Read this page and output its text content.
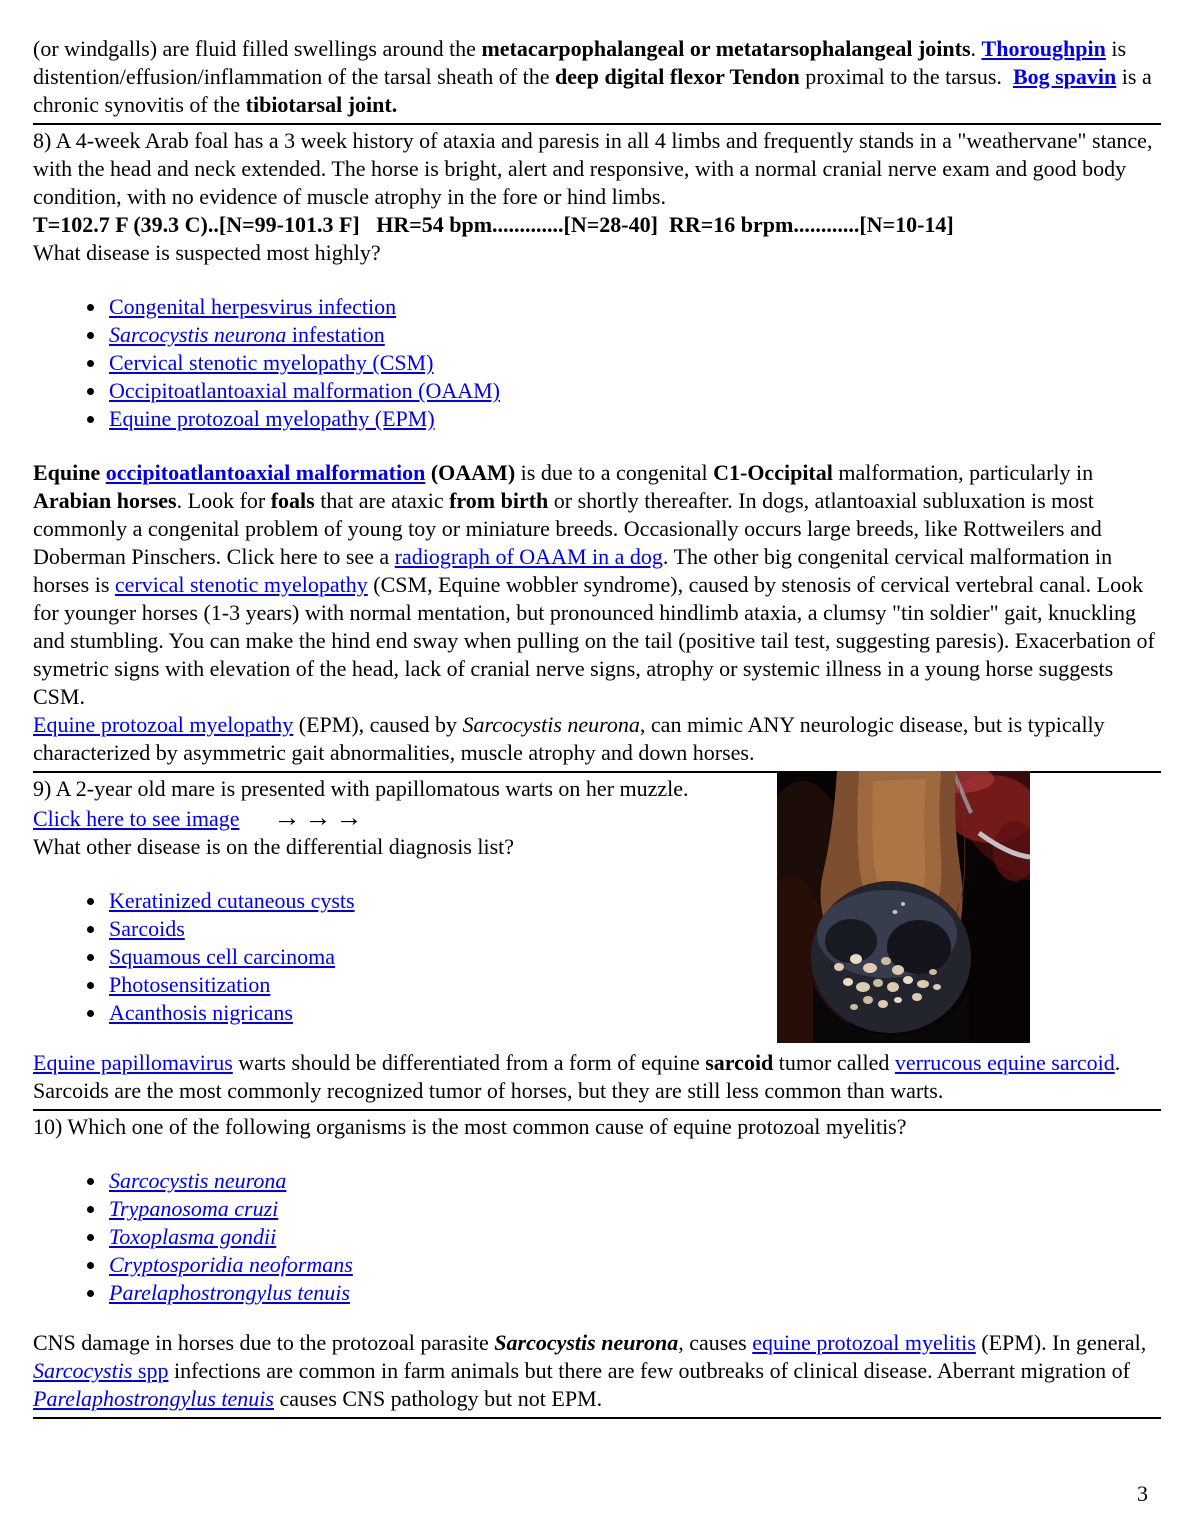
(or windgalls) are fluid filled swellings around the metacarpophalangeal or metatarsophalangeal joints. Thoroughpin is distention/effusion/inflammation of the tarsal sheath of the deep digital flexor Tendon proximal to the tarsus.  Bog spavin is a chronic synovitis of the tibiotarsal joint.

8) A 4-week Arab foal has a 3 week history of ataxia and paresis in all 4 limbs and frequently stands in a "weathervane" stance, with the head and neck extended. The horse is bright, alert and responsive, with a normal cranial nerve exam and good body condition, with no evidence of muscle atrophy in the fore or hind limbs.

T=102.7 F (39.3 C)..[N=99-101.3 F]   HR=54 bpm.............[N=28-40]  RR=16 brpm............[N=10-14]

What disease is suspected most highly?

• Congenital herpesvirus infection
• Sarcocystis neurona infestation
• Cervical stenotic myelopathy (CSM)
• Occipitoatlantoaxial malformation (OAAM)
• Equine protozoal myelopathy (EPM)

Equine occipitoatlantoaxial malformation (OAAM) is due to a congenital C1-Occipital malformation, particularly in Arabian horses. Look for foals that are ataxic from birth or shortly thereafter. In dogs, atlantoaxial subluxation is most commonly a congenital problem of young toy or miniature breeds. Occasionally occurs large breeds, like Rottweilers and Doberman Pinschers. Click here to see a radiograph of OAAM in a dog. The other big congenital cervical malformation in horses is cervical stenotic myelopathy (CSM, Equine wobbler syndrome), caused by stenosis of cervical vertebral canal. Look for younger horses (1-3 years) with normal mentation, but pronounced hindlimb ataxia, a clumsy "tin soldier" gait, knuckling and stumbling. You can make the hind end sway when pulling on the tail (positive tail test, suggesting paresis). Exacerbation of symetric signs with elevation of the head, lack of cranial nerve signs, atrophy or systemic illness in a young horse suggests CSM.

Equine protozoal myelopathy (EPM), caused by Sarcocystis neurona, can mimic ANY neurologic disease, but is typically characterized by asymmetric gait abnormalities, muscle atrophy and down horses.

9) A 2-year old mare is presented with papillomatous warts on her muzzle.

Click here to see image →→→

What other disease is on the differential diagnosis list?

• Keratinized cutaneous cysts
• Sarcoids
• Squamous cell carcinoma
• Photosensitization
• Acanthosis nigricans

Equine papillomavirus warts should be differentiated from a form of equine sarcoid tumor called verrucous equine sarcoid. Sarcoids are the most commonly recognized tumor of horses, but they are still less common than warts.

10) Which one of the following organisms is the most common cause of equine protozoal myelitis?

• Sarcocystis neurona
• Trypanosoma cruzi
• Toxoplasma gondii
• Cryptosporidia neoformans
• Parelaphostrongylus tenuis

CNS damage in horses due to the protozoal parasite Sarcocystis neurona, causes equine protozoal myelitis (EPM). In general, Sarcocystis spp infections are common in farm animals but there are few outbreaks of clinical disease. Aberrant migration of Parelaphostrongylus tenuis causes CNS pathology but not EPM.

3
